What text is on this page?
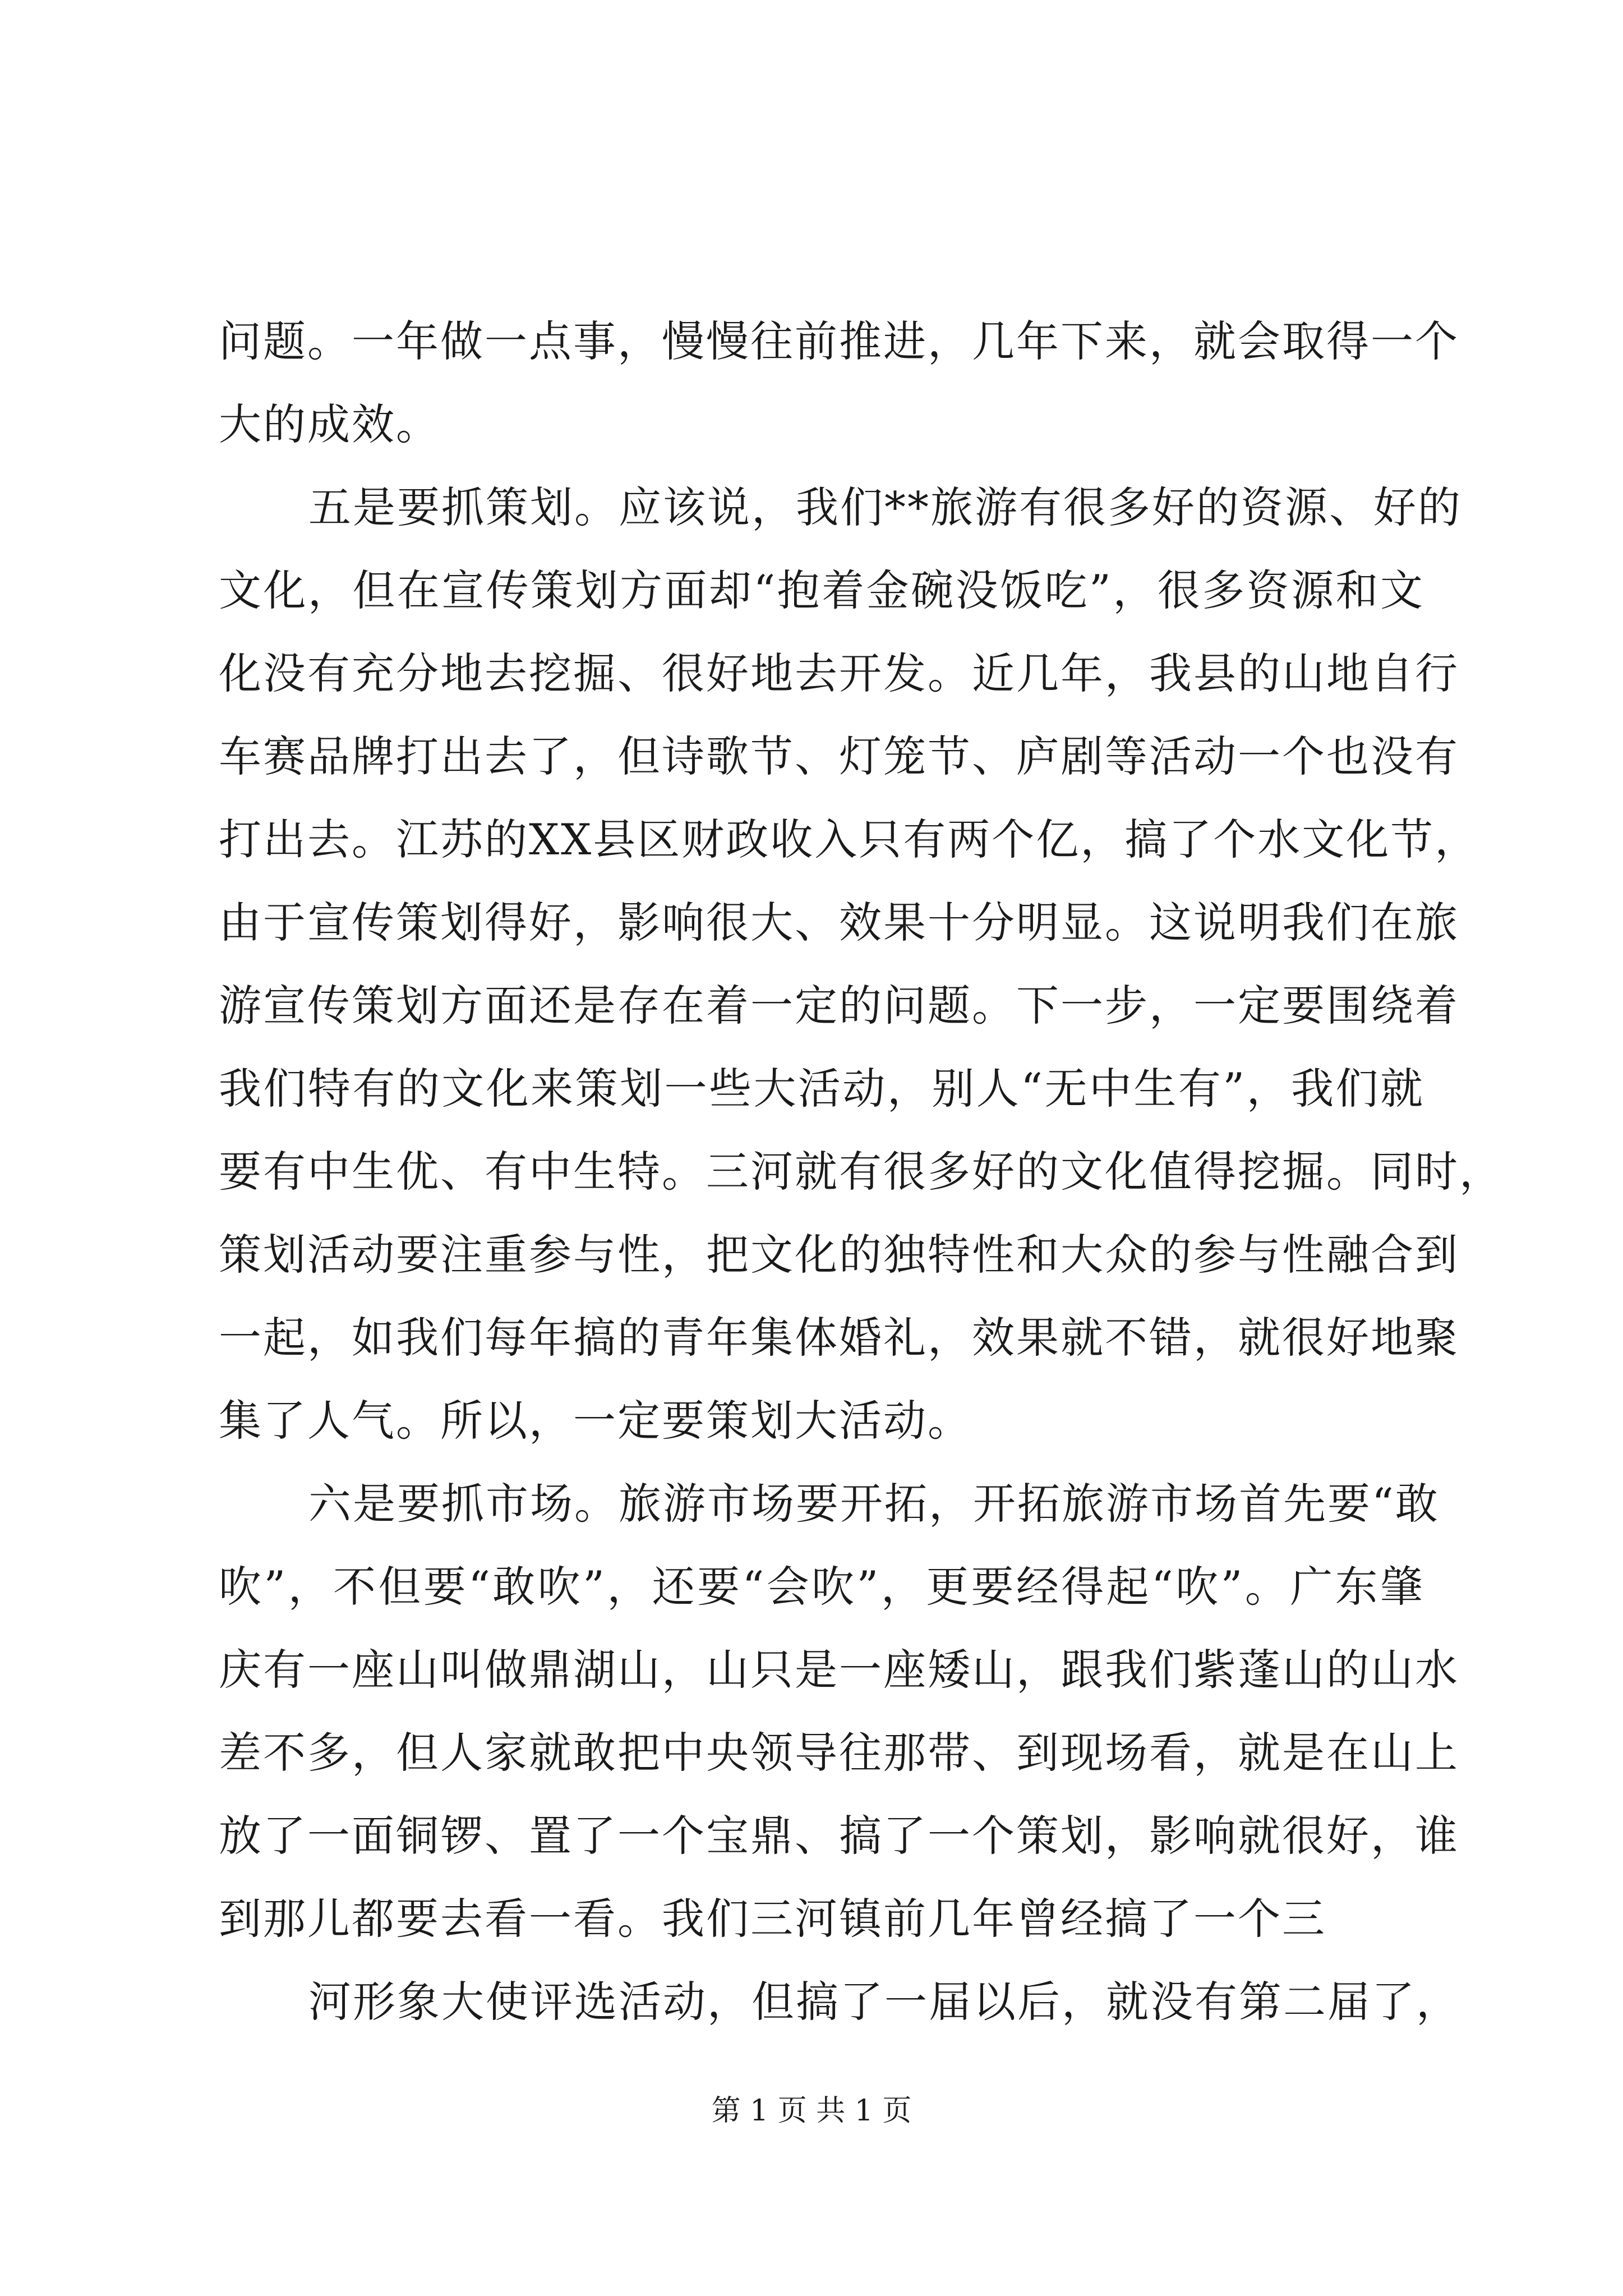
问题。一年做一点事，慢慢往前推进，几年下来，就会取得一个
大的成效。
五是要抓策划。应该说，我们**旅游有很多好的资源、好的
文化，但在宣传策划方面却“抱着金碗没饭吃”，很多资源和文
化没有充分地去挖掘、很好地去开发。近几年，我县的山地自行
车赛品牌打出去了，但诗歌节、灯笼节、庐剧等活动一个也没有
打出去。江苏的XX县区财政收入只有两个亿，搞了个水文化节，
由于宣传策划得好，影响很大、效果十分明显。这说明我们在旅
游宣传策划方面还是存在着一定的问题。下一步，一定要围绕着
我们特有的文化来策划一些大活动，别人“无中生有”，我们就
要有中生优、有中生特。三河就有很多好的文化值得挖掘。同时，
策划活动要注重参与性，把文化的独特性和大众的参与性融合到
一起，如我们每年搞的青年集体婚礼，效果就不错，就很好地聚
集了人气。所以，一定要策划大活动。
六是要抓市场。旅游市场要开拓，开拓旅游市场首先要“敢
吹”，不但要“敢吹”，还要“会吹”，更要经得起“吹”。广东肇
庆有一座山叫做鼎湖山，山只是一座矮山，跟我们紫蓬山的山水
差不多，但人家就敢把中央领导往那带、到现场看，就是在山上
放了一面铜锣、置了一个宝鼎、搞了一个策划，影响就很好，谁
到那儿都要去看一看。我们三河镇前几年曾经搞了一个三
河形象大使评选活动，但搞了一届以后，就没有第二届了，
第 1 页 共 1 页
